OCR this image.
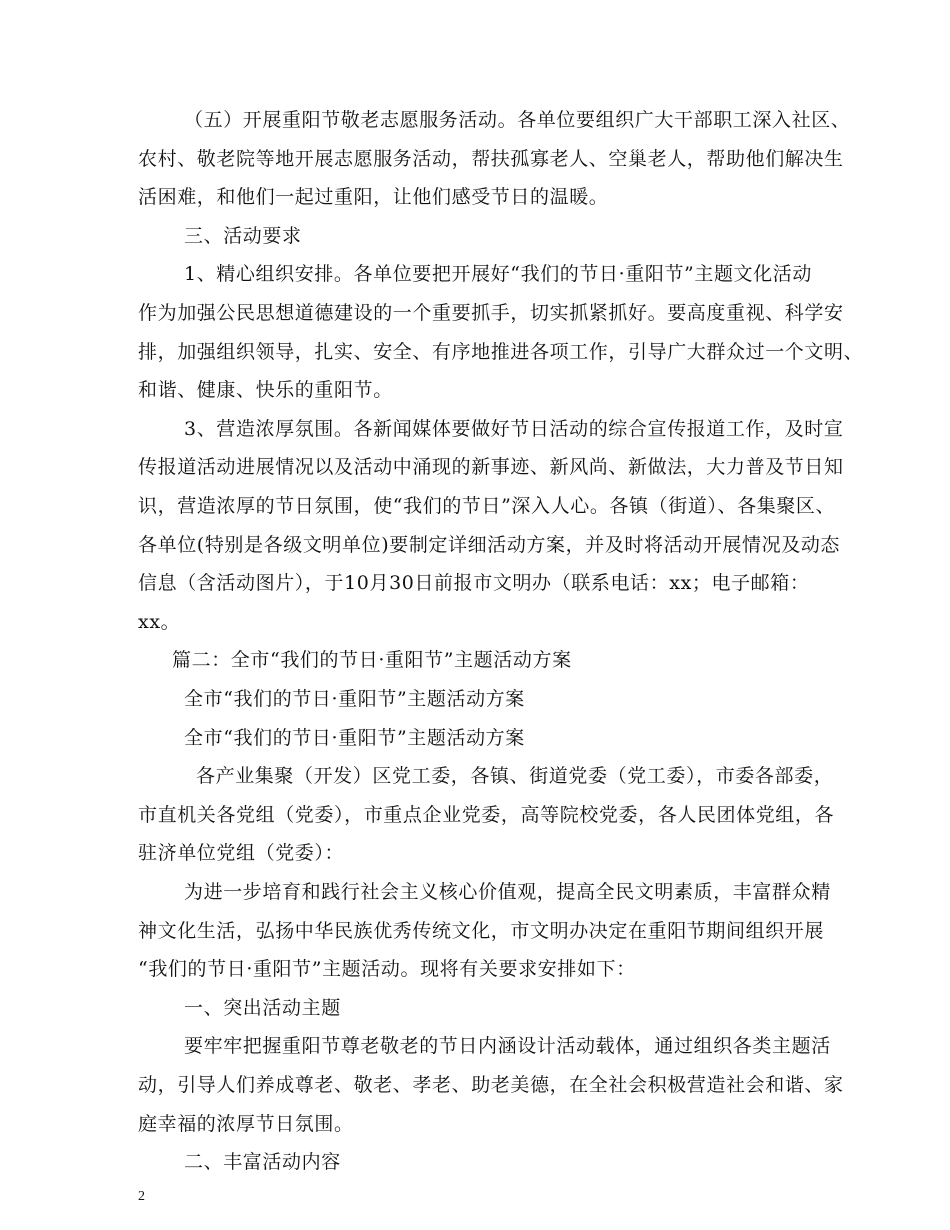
（五）开展重阳节敬老志愿服务活动。各单位要组织广大干部职工深入社区、
农村、敬老院等地开展志愿服务活动，帮扶孤寡老人、空巢老人，帮助他们解决生
活困难，和他们一起过重阳，让他们感受节日的温暖。
三、活动要求
1、精心组织安排。各单位要把开展好“我们的节日·重阳节”主题文化活动
作为加强公民思想道德建设的一个重要抓手，切实抓紧抓好。要高度重视、科学安
排，加强组织领导，扎实、安全、有序地推进各项工作，引导广大群众过一个文明、
和谐、健康、快乐的重阳节。
3、营造浓厚氛围。各新闻媒体要做好节日活动的综合宣传报道工作，及时宣
传报道活动进展情况以及活动中涌现的新事迹、新风尚、新做法，大力普及节日知
识，营造浓厚的节日氛围，使“我们的节日”深入人心。各镇（街道）、各集聚区、
各单位(特别是各级文明单位)要制定详细活动方案，并及时将活动开展情况及动态
信息（含活动图片），于10月30日前报市文明办（联系电话：xx；电子邮箱：
xx。
篇二：全市“我们的节日·重阳节”主题活动方案
全市“我们的节日·重阳节”主题活动方案
全市“我们的节日·重阳节”主题活动方案
各产业集聚（开发）区党工委，各镇、街道党委（党工委），市委各部委，
市直机关各党组（党委），市重点企业党委，高等院校党委，各人民团体党组，各
驻济单位党组（党委）：
为进一步培育和践行社会主义核心价值观，提高全民文明素质，丰富群众精
神文化生活，弘扬中华民族优秀传统文化，市文明办决定在重阳节期间组织开展
“我们的节日·重阳节”主题活动。现将有关要求安排如下：
一、突出活动主题
要牢牢把握重阳节尊老敬老的节日内涵设计活动载体，通过组织各类主题活
动，引导人们养成尊老、敬老、孝老、助老美德，在全社会积极营造社会和谐、家
庭幸福的浓厚节日氛围。
二、丰富活动内容
2
